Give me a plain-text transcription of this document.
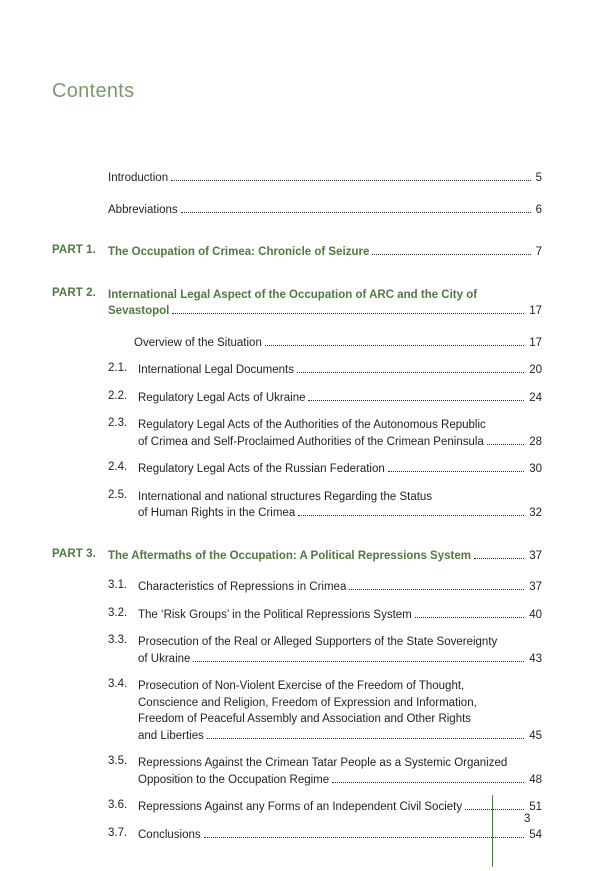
Contents
Introduction	5
Abbreviations	6
PART 1.	The Occupation of Crimea: Chronicle of Seizure	7
PART 2.	International Legal Aspect of the Occupation of ARC and the City of
Sevastopol	17
Overview of the Situation	17
2.1. International Legal Documents	20
2.2. Regulatory Legal Acts of Ukraine	24
2.3. Regulatory Legal Acts of the Authorities of the Autonomous Republic
of Crimea and Self-Proclaimed Authorities of the Crimean Peninsula	28
2.4. Regulatory Legal Acts of the Russian Federation	30
2.5. International and national structures Regarding the Status
of Human Rights in the Crimea	32
PART 3.	The Aftermaths of the Occupation: A Political Repressions System	37
3.1. Characteristics of Repressions in Crimea	37
3.2. The ‘Risk Groups’ in the Political Repressions System	40
3.3. Prosecution of the Real or Alleged Supporters of the State Sovereignty
of Ukraine	43
3.4. Prosecution of Non-Violent Exercise of the Freedom of Thought,
Conscience and Religion, Freedom of Expression and Information,
Freedom of Peaceful Assembly and Association and Other Rights
and Liberties	45
3.5. Repressions Against the Crimean Tatar People as a Systemic Organized
Opposition to the Occupation Regime	48
3.6. Repressions Against any Forms of an Independent Civil Society	51
3.7. Conclusions	54
3
